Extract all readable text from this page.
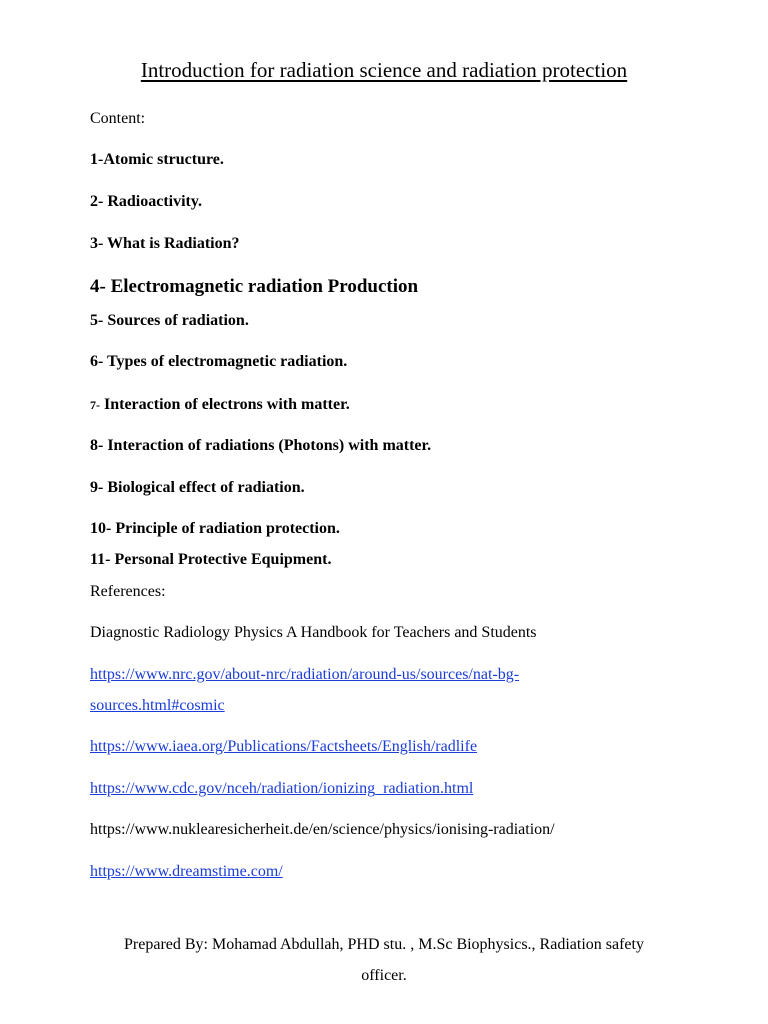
Introduction for radiation science and radiation protection

Content:

1-Atomic structure.

2- Radioactivity.

3- What is Radiation?

4- Electromagnetic radiation Production

5- Sources of radiation.

6- Types of electromagnetic radiation.

7- Interaction of electrons with matter.

8- Interaction of radiations (Photons) with matter.

9- Biological effect of radiation.

10- Principle of radiation protection.

11- Personal Protective Equipment.

References:

Diagnostic Radiology Physics A Handbook for Teachers and Students

https://www.nrc.gov/about-nrc/radiation/around-us/sources/nat-bg-

sources.html#cosmic

https://www.iaea.org/Publications/Factsheets/English/radlife

https://www.cdc.gov/nceh/radiation/ionizing_radiation.html

https://www.nuklearesicherheit.de/en/science/physics/ionising-radiation/

https://www.dreamstime.com/

Prepared By: Mohamad Abdullah, PHD stu. , M.Sc Biophysics., Radiation safety

officer.
